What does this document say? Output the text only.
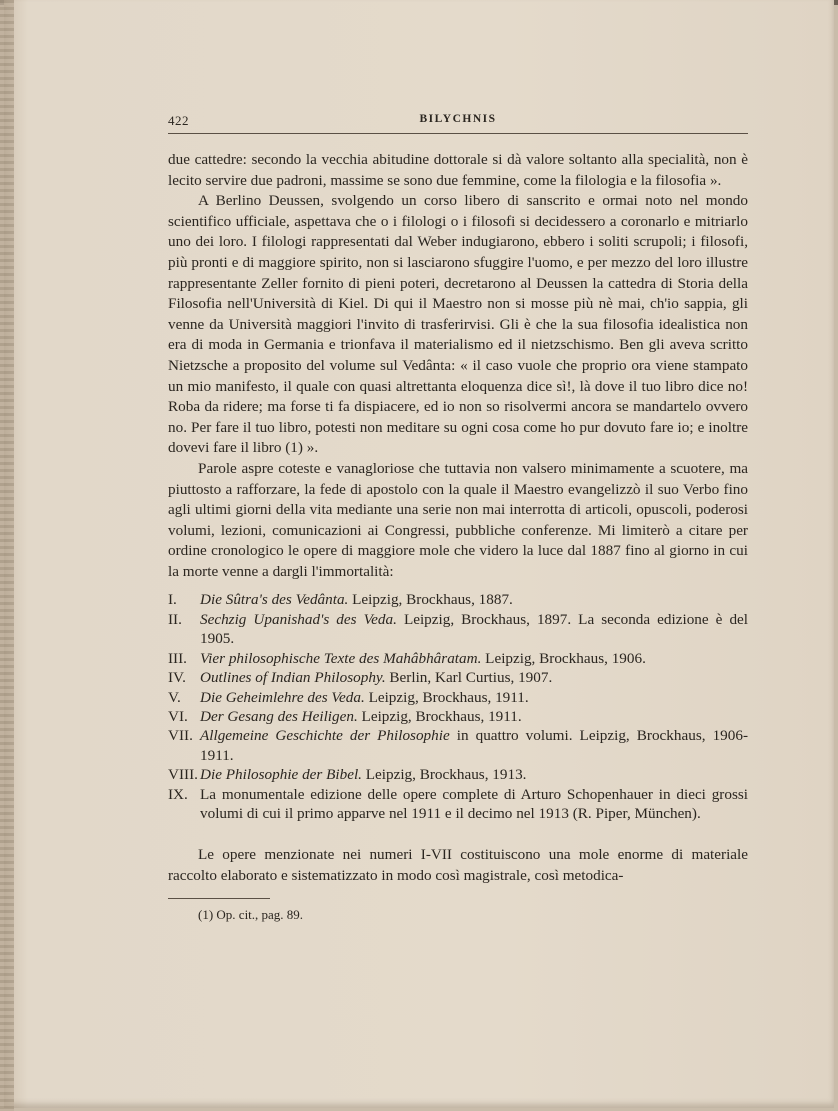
422	BILYCHNIS

due cattedre: secondo la vecchia abitudine dottorale si dà valore soltanto alla specialità, non è lecito servire due padroni, massime se sono due femmine, come la filologia e la filosofia ».

A Berlino Deussen, svolgendo un corso libero di sanscrito e ormai noto nel mondo scientifico ufficiale, aspettava che o i filologi o i filosofi si decidessero a coronarlo e mitriarlo uno dei loro. I filologi rappresentati dal Weber indugiarono, ebbero i soliti scrupoli; i filosofi, più pronti e di maggiore spirito, non si lasciarono sfuggire l'uomo, e per mezzo del loro illustre rappresentante Zeller fornito di pieni poteri, decretarono al Deussen la cattedra di Storia della Filosofia nell'Università di Kiel. Di qui il Maestro non si mosse più nè mai, ch'io sappia, gli venne da Università maggiori l'invito di trasferirvisi. Gli è che la sua filosofia idealistica non era di moda in Germania e trionfava il materialismo ed il nietzschismo. Ben gli aveva scritto Nietzsche a proposito del volume sul Vedânta: « il caso vuole che proprio ora viene stampato un mio manifesto, il quale con quasi altrettanta eloquenza dice sì!, là dove il tuo libro dice no! Roba da ridere; ma forse ti fa dispiacere, ed io non so risolvermi ancora se mandartelo ovvero no. Per fare il tuo libro, potesti non meditare su ogni cosa come ho pur dovuto fare io; e inoltre dovevi fare il libro (1) ».

Parole aspre coteste e vanagloriose che tuttavia non valsero minimamente a scuotere, ma piuttosto a rafforzare, la fede di apostolo con la quale il Maestro evangelizzò il suo Verbo fino agli ultimi giorni della vita mediante una serie non mai interrotta di articoli, opuscoli, poderosi volumi, lezioni, comunicazioni ai Congressi, pubbliche conferenze. Mi limiterò a citare per ordine cronologico le opere di maggiore mole che videro la luce dal 1887 fino al giorno in cui la morte venne a dargli l'immortalità:

I. Die Sûtra's des Vedânta. Leipzig, Brockhaus, 1887.
II. Sechzig Upanishad's des Veda. Leipzig, Brockhaus, 1897. La seconda edizione è del 1905.
III. Vier philosophische Texte des Mahâbhâratam. Leipzig, Brockhaus, 1906.
IV. Outlines of Indian Philosophy. Berlin, Karl Curtius, 1907.
V. Die Geheimlehre des Veda. Leipzig, Brockhaus, 1911.
VI. Der Gesang des Heiligen. Leipzig, Brockhaus, 1911.
VII. Allgemeine Geschichte der Philosophie in quattro volumi. Leipzig, Brockhaus, 1906-1911.
VIII. Die Philosophie der Bibel. Leipzig, Brockhaus, 1913.
IX. La monumentale edizione delle opere complete di Arturo Schopenhauer in dieci grossi volumi di cui il primo apparve nel 1911 e il decimo nel 1913 (R. Piper, München).

Le opere menzionate nei numeri I-VII costituiscono una mole enorme di materiale raccolto elaborato e sistematizzato in modo così magistrale, così metodica-

(1) Op. cit., pag. 89.
